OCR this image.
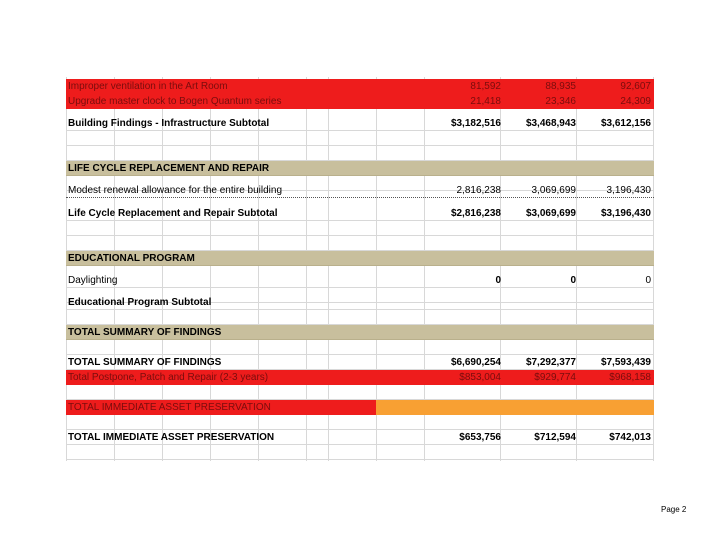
Improper ventilation in the Art Room	81,592	88,935	92,607
Upgrade master clock to Bogen Quantum series	21,418	23,346	24,309
Building Findings - Infrastructure Subtotal	$3,182,516 $3,468,943 $3,612,156
LIFE CYCLE REPLACEMENT AND REPAIR
Modest renewal allowance for the entire building	2,816,238	3,069,699	3,196,430
Life Cycle Replacement and Repair Subtotal	$2,816,238 $3,069,699 $3,196,430
EDUCATIONAL PROGRAM
Daylighting	0	0	0
Educational Program Subtotal
TOTAL SUMMARY OF FINDINGS
TOTAL SUMMARY OF FINDINGS	$6,690,254 $7,292,377 $7,593,439
Total Postpone, Patch and Repair (2-3 years)	$853,004	$929,774	$968,158
TOTAL IMMEDIATE ASSET PRESERVATION
TOTAL IMMEDIATE ASSET PRESERVATION	$653,756	$712,594	$742,013
Page 2
